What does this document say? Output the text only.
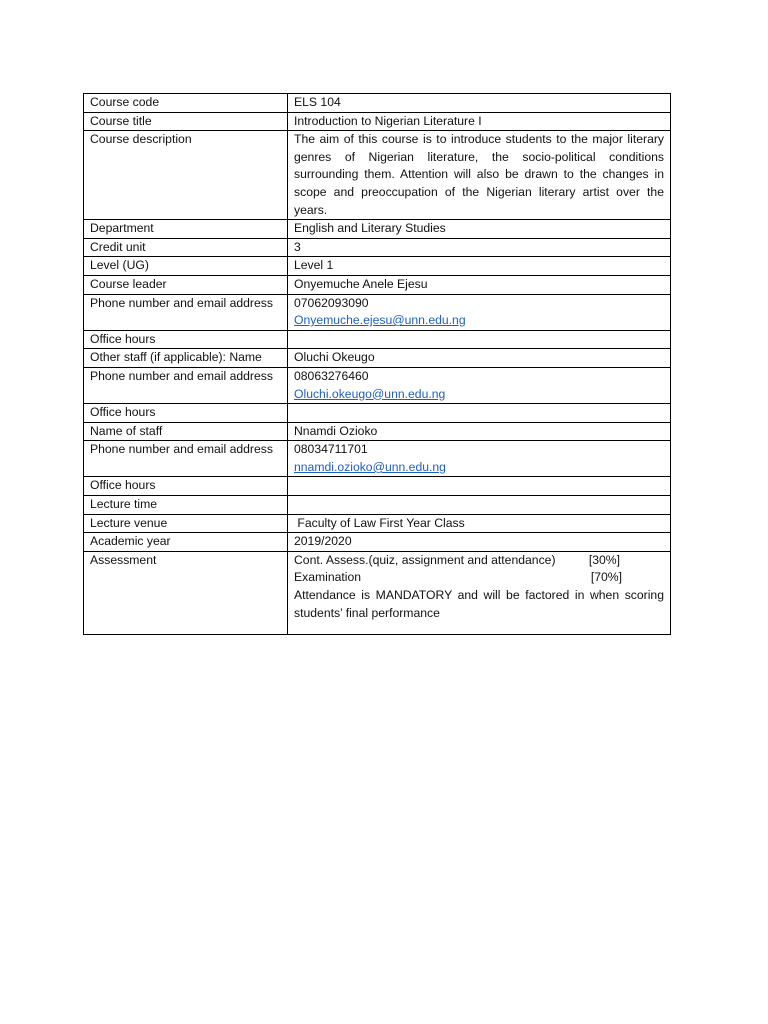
Course code	ELS 104
Course title	Introduction to Nigerian Literature I
Course description	The aim of this course is to introduce students to the major literary genres of Nigerian literature, the socio-political conditions surrounding them. Attention will also be drawn to the changes in scope and preoccupation of the Nigerian literary artist over the years.
Department	English and Literary Studies
Credit unit	3
Level (UG)	Level 1
Course leader	Onyemuche Anele Ejesu
Phone number and email address	07062093090
Onyemuche.ejesu@unn.edu.ng

Office hours	
Other staff (if applicable): Name	Oluchi Okeugo
Phone number and email address	08063276460
Oluchi.okeugo@unn.edu.ng

Office hours	
Name of staff	Nnamdi Ozioko
Phone number and email address	08034711701
nnamdi.ozioko@unn.edu.ng

Office hours	
Lecture time	
Lecture venue	Faculty of Law First Year Class
Academic year	2019/2020
Assessment	Cont. Assess.(quiz, assignment and attendance) [30%]
Examination [70%]
Attendance is MANDATORY and will be factored in when scoring students’ final performance
